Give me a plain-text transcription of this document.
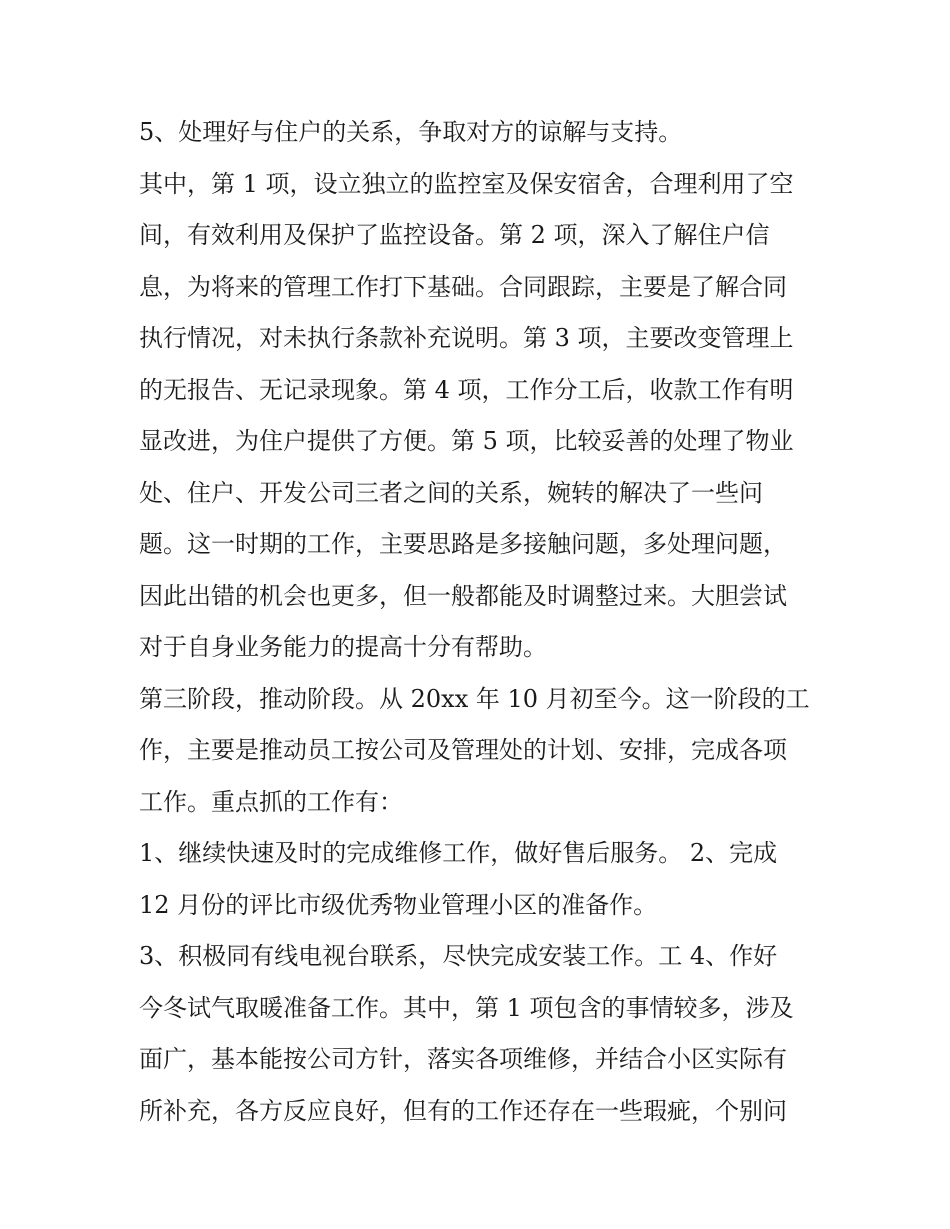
5、处理好与住户的关系，争取对方的谅解与支持。
其中，第 1 项，设立独立的监控室及保安宿舍，合理利用了空
间，有效利用及保护了监控设备。第 2 项，深入了解住户信
息，为将来的管理工作打下基础。合同跟踪，主要是了解合同
执行情况，对未执行条款补充说明。第 3 项，主要改变管理上
的无报告、无记录现象。第 4 项，工作分工后，收款工作有明
显改进，为住户提供了方便。第 5 项，比较妥善的处理了物业
处、住户、开发公司三者之间的关系，婉转的解决了一些问
题。这一时期的工作，主要思路是多接触问题，多处理问题，
因此出错的机会也更多，但一般都能及时调整过来。大胆尝试
对于自身业务能力的提高十分有帮助。
第三阶段，推动阶段。从 20xx 年 10 月初至今。这一阶段的工
作，主要是推动员工按公司及管理处的计划、安排，完成各项
工作。重点抓的工作有：
1、继续快速及时的完成维修工作，做好售后服务。 2、完成
12 月份的评比市级优秀物业管理小区的准备作。
3、积极同有线电视台联系，尽快完成安装工作。工 4、作好
今冬试气取暖准备工作。其中，第 1 项包含的事情较多，涉及
面广，基本能按公司方针，落实各项维修，并结合小区实际有
所补充，各方反应良好，但有的工作还存在一些瑕疵，个别问
